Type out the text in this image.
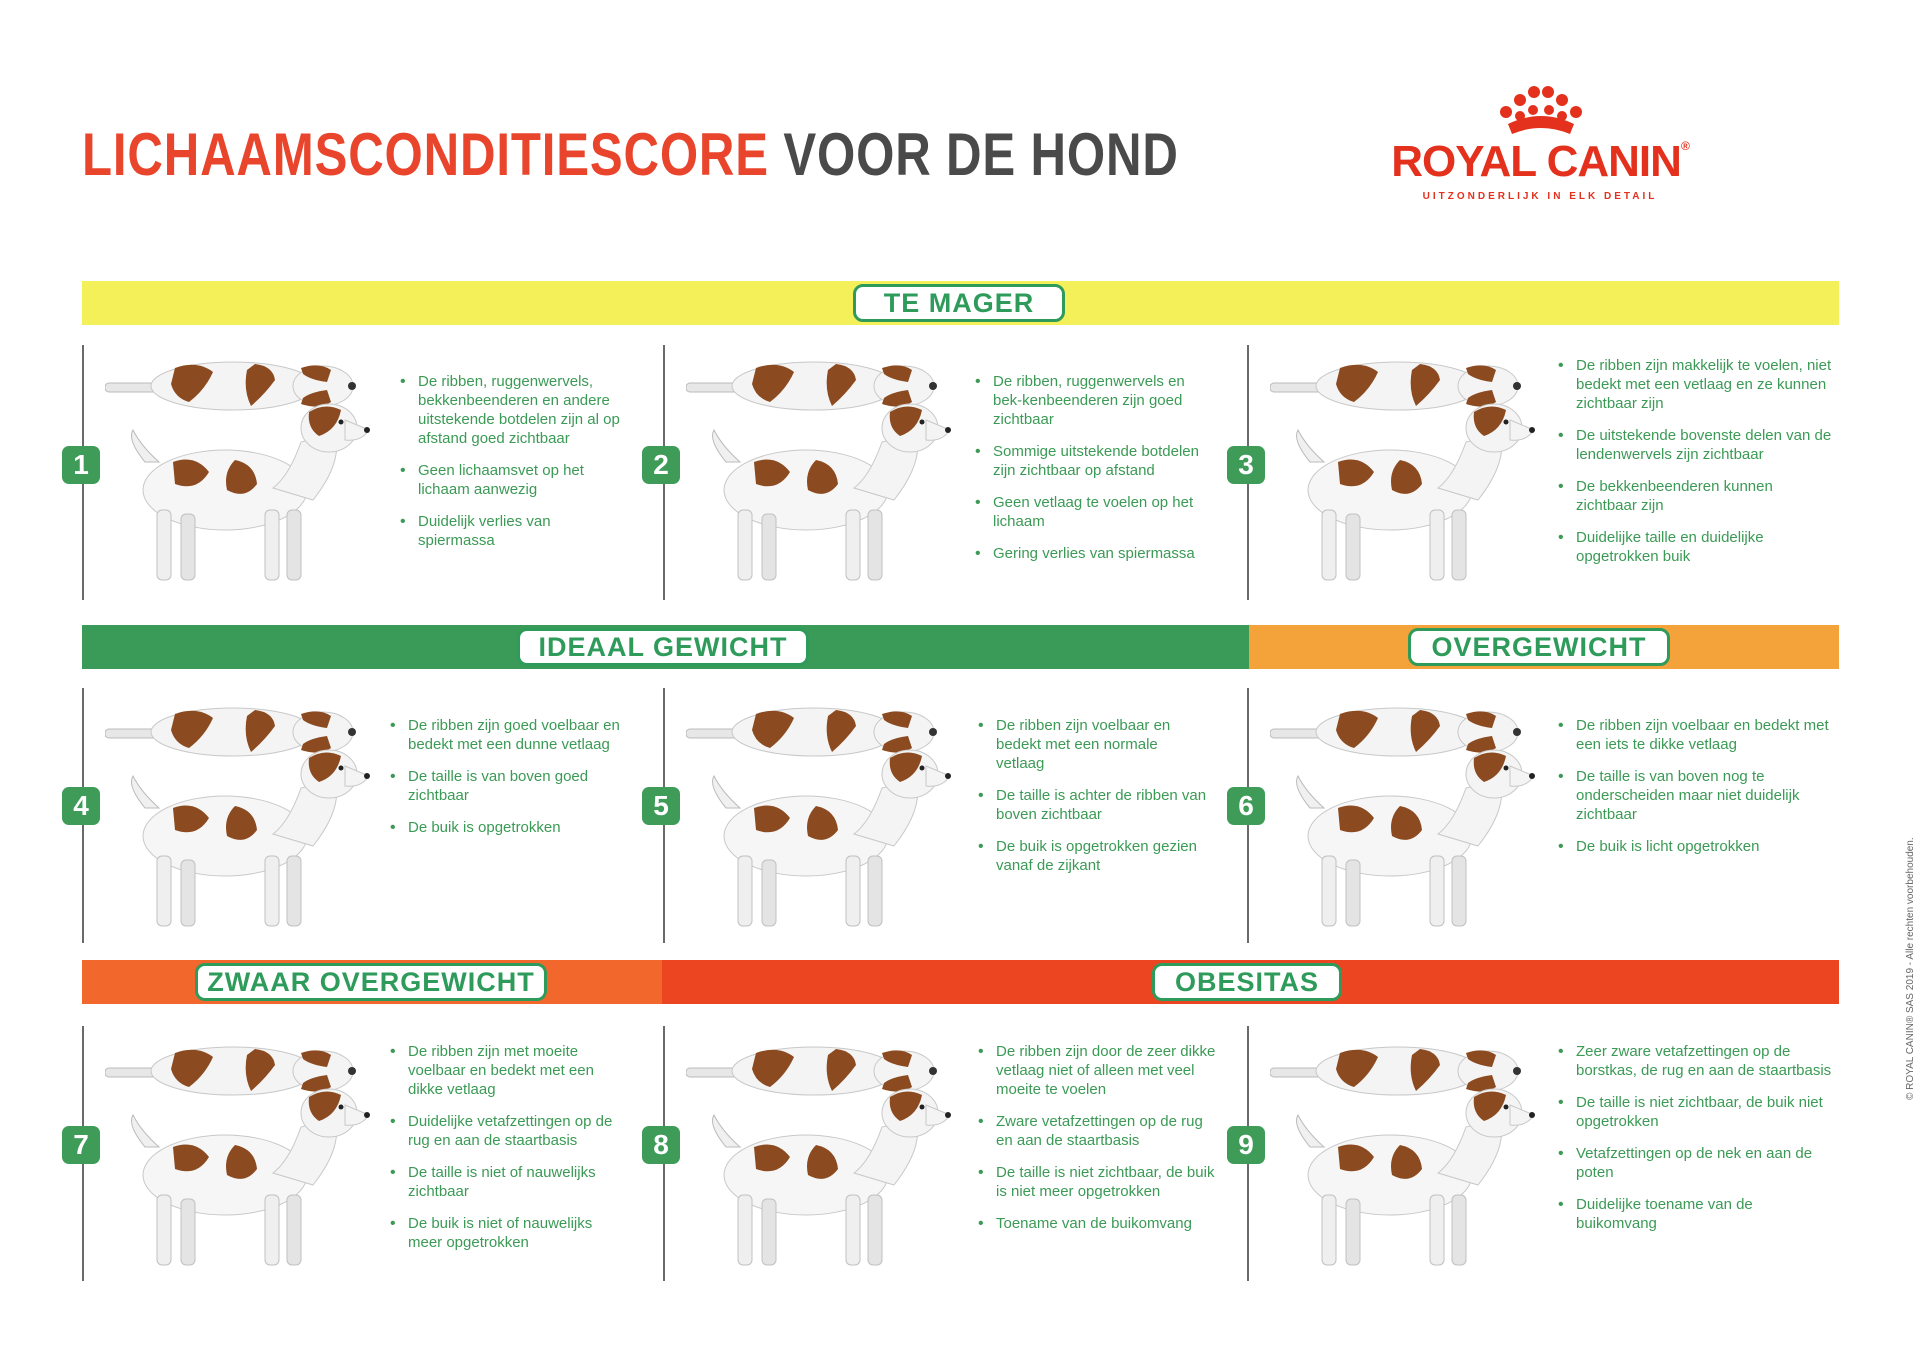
LICHAAMSCONDITIESCORE VOOR DE HOND	ROYAL CANIN®
UITZONDERLIJK IN ELK DETAIL
TE MAGER
IDEAAL GEWICHT	OVERGEWICHT
ZWAAR OVERGEWICHT	OBESITAS
1
• De ribben, ruggenwervels, bekkenbeenderen en andere uitstekende botdelen zijn al op afstand goed zichtbaar
• Geen lichaamsvet op het lichaam aanwezig
• Duidelijk verlies van spiermassa
2
• De ribben, ruggenwervels en bek-kenbeenderen zijn goed zichtbaar
• Sommige uitstekende botdelen zijn zichtbaar op afstand
• Geen vetlaag te voelen op het lichaam
• Gering verlies van spiermassa
3
• De ribben zijn makkelijk te voelen, niet bedekt met een vetlaag en ze kunnen zichtbaar zijn
• De uitstekende bovenste delen van de lendenwervels zijn zichtbaar
• De bekkenbeenderen kunnen zichtbaar zijn
• Duidelijke taille en duidelijke opgetrokken buik
4
• De ribben zijn goed voelbaar en bedekt met een dunne vetlaag
• De taille is van boven goed zichtbaar
• De buik is opgetrokken
5
• De ribben zijn voelbaar en bedekt met een normale vetlaag
• De taille is achter de ribben van boven zichtbaar
• De buik is opgetrokken gezien vanaf de zijkant
6
• De ribben zijn voelbaar en bedekt met een iets te dikke vetlaag
• De taille is van boven nog te onderscheiden maar niet duidelijk zichtbaar
• De buik is licht opgetrokken
7
• De ribben zijn met moeite voelbaar en bedekt met een dikke vetlaag
• Duidelijke vetafzettingen op de rug en aan de staartbasis
• De taille is niet of nauwelijks zichtbaar
• De buik is niet of nauwelijks meer opgetrokken
8
• De ribben zijn door de zeer dikke vetlaag niet of alleen met veel moeite te voelen
• Zware vetafzettingen op de rug en aan de staartbasis
• De taille is niet zichtbaar, de buik is niet meer opgetrokken
• Toename van de buikomvang
9
• Zeer zware vetafzettingen op de borstkas, de rug en aan de staartbasis
• De taille is niet zichtbaar, de buik niet opgetrokken
• Vetafzettingen op de nek en aan de poten
• Duidelijke toename van de buikomvang
© ROYAL CANIN® SAS 2019 - Alle rechten voorbehouden.
